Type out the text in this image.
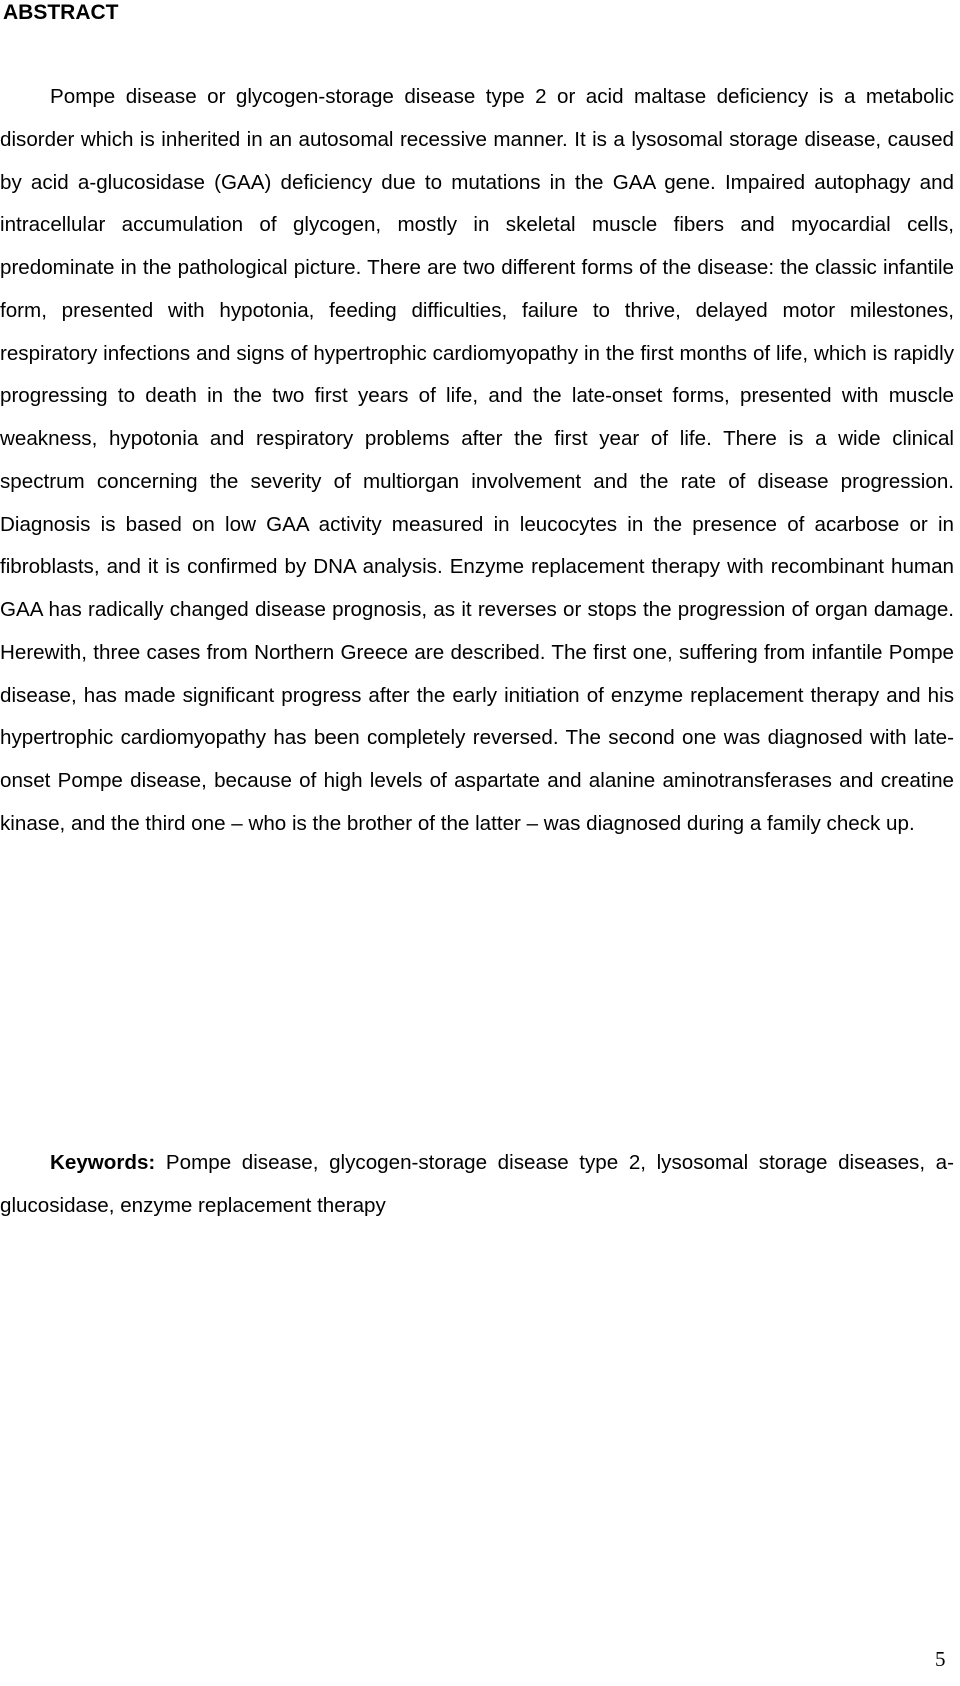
ABSTRACT

Pompe disease or glycogen-storage disease type 2 or acid maltase deficiency is a metabolic disorder which is inherited in an autosomal recessive manner. It is a lysosomal storage disease, caused by acid a-glucosidase (GAA) deficiency due to mutations in the GAA gene. Impaired autophagy and intracellular accumulation of glycogen, mostly in skeletal muscle fibers and myocardial cells, predominate in the pathological picture. There are two different forms of the disease: the classic infantile form, presented with hypotonia, feeding difficulties, failure to thrive, delayed motor milestones, respiratory infections and signs of hypertrophic cardiomyopathy in the first months of life, which is rapidly progressing to death in the two first years of life, and the late-onset forms, presented with muscle weakness, hypotonia and respiratory problems after the first year of life. There is a wide clinical spectrum concerning the severity of multiorgan involvement and the rate of disease progression. Diagnosis is based on low GAA activity measured in leucocytes in the presence of acarbose or in fibroblasts, and it is confirmed by DNA analysis. Enzyme replacement therapy with recombinant human GAA has radically changed disease prognosis, as it reverses or stops the progression of organ damage. Herewith, three cases from Northern Greece are described. The first one, suffering from infantile Pompe disease, has made significant progress after the early initiation of enzyme replacement therapy and his hypertrophic cardiomyopathy has been completely reversed. The second one was diagnosed with late-onset Pompe disease, because of high levels of aspartate and alanine aminotransferases and creatine kinase, and the third one – who is the brother of the latter – was diagnosed during a family check up.

Keywords: Pompe disease, glycogen-storage disease type 2, lysosomal storage diseases, a-glucosidase, enzyme replacement therapy

5
